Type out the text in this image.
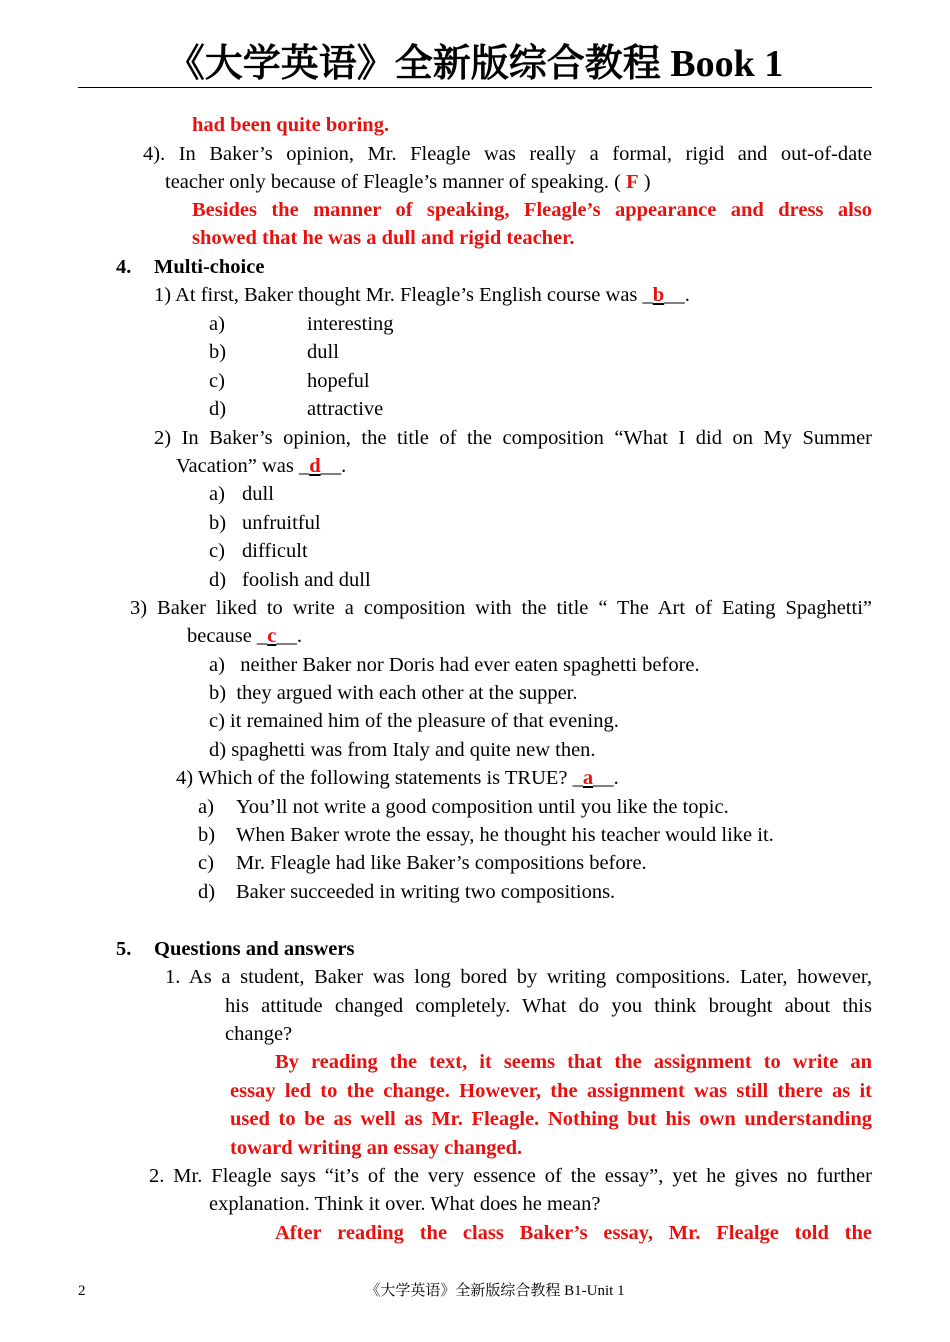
《大学英语》全新版综合教程 Book 1
had been quite boring.
4). In Baker’s opinion, Mr. Fleagle was really a formal, rigid and out-of-date
teacher only because of Fleagle’s manner of speaking. ( F )
Besides the manner of speaking, Fleagle’s appearance and dress also
showed that he was a dull and rigid teacher.
4. Multi-choice
1) At first, Baker thought Mr. Fleagle’s English course was _b__.
a)	interesting
b)	dull
c)	hopeful
d)	attractive
2) In Baker’s opinion, the title of the composition “What I did on My Summer
Vacation” was _d__.
a) dull
b) unfruitful
c) difficult
d) foolish and dull
3) Baker liked to write a composition with the title “ The Art of Eating Spaghetti”
because _c__.
a)   neither Baker nor Doris had ever eaten spaghetti before.
b)  they argued with each other at the supper.
c) it remained him of the pleasure of that evening.
d) spaghetti was from Italy and quite new then.
4) Which of the following statements is TRUE? _a__.
a) You’ll not write a good composition until you like the topic.
b) When Baker wrote the essay, he thought his teacher would like it.
c) Mr. Fleagle had like Baker’s compositions before.
d) Baker succeeded in writing two compositions.
5. Questions and answers
1. As a student, Baker was long bored by writing compositions. Later, however,
his attitude changed completely. What do you think brought about this
change?
By reading the text, it seems that the assignment to write an
essay led to the change. However, the assignment was still there as it
used to be as well as Mr. Fleagle. Nothing but his own understanding
toward writing an essay changed.
2. Mr. Fleagle says “it’s of the very essence of the essay”, yet he gives no further
explanation. Think it over. What does he mean?
After reading the class Baker’s essay, Mr. Flealge told the
2	《大学英语》全新版综合教程 B1-Unit 1
